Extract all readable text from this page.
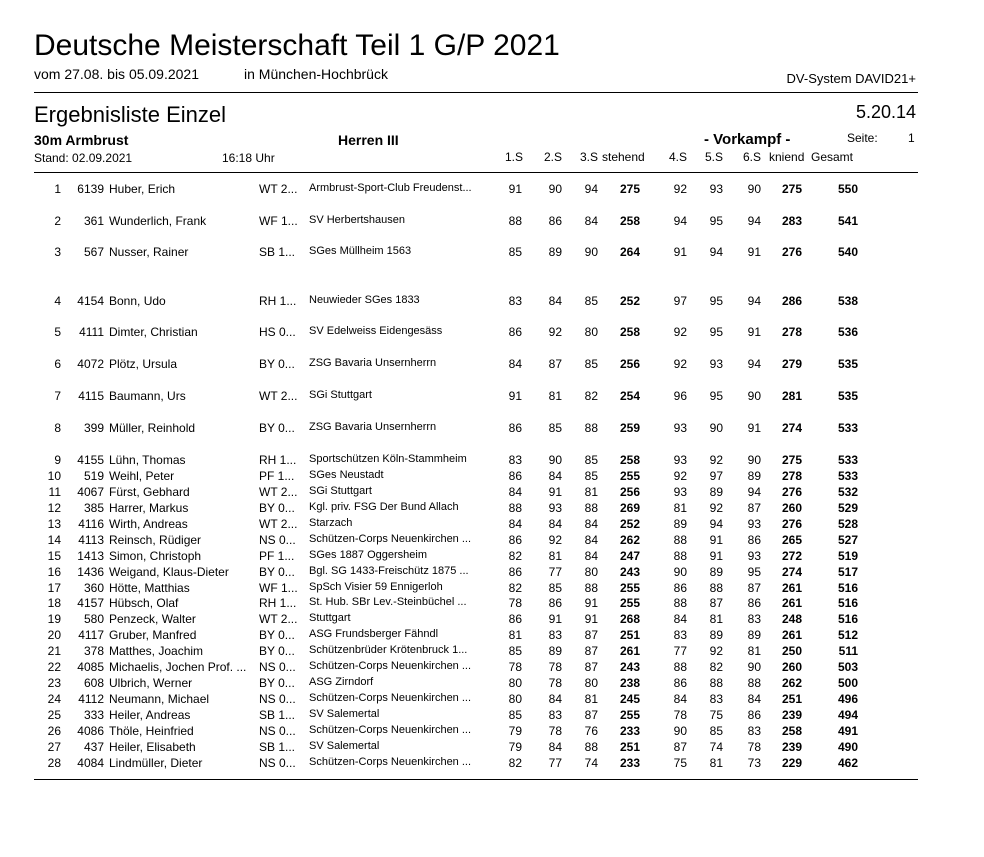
Deutsche Meisterschaft Teil 1 G/P 2021
vom 27.08. bis 05.09.2021	in München-Hochbrück	DV-System DAVID21+
Ergebnisliste Einzel	5.20.14
30m Armbrust	Herren III	- Vorkampf -	Seite:	1
Stand: 02.09.2021	16:18 Uhr	1.S 2.S 3.S stehend 4.S 5.S 6.S kniend Gesamt
1	6139 Huber, Erich	WT 2...	Armbrust-Sport-Club Freudenst...	91	90	94	275	92	93	90	275	550
2	361 Wunderlich, Frank	WF 1...	SV Herbertshausen	88	86	84	258	94	95	94	283	541
3	567 Nusser, Rainer	SB 1...	SGes Müllheim 1563	85	89	90	264	91	94	91	276	540
4	4154 Bonn, Udo	RH 1...	Neuwieder SGes 1833	83	84	85	252	97	95	94	286	538
5	4111 Dimter, Christian	HS 0...	SV Edelweiss Eidengesäss	86	92	80	258	92	95	91	278	536
6	4072 Plötz, Ursula	BY 0...	ZSG Bavaria Unsernherrn	84	87	85	256	92	93	94	279	535
7	4115 Baumann, Urs	WT 2...	SGi Stuttgart	91	81	82	254	96	95	90	281	535
8	399 Müller, Reinhold	BY 0...	ZSG Bavaria Unsernherrn	86	85	88	259	93	90	91	274	533
9	4155 Lühn, Thomas	RH 1...	Sportschützen Köln-Stammheim	83	90	85	258	93	92	90	275	533
10	519 Weihl, Peter	PF 1...	SGes Neustadt	86	84	85	255	92	97	89	278	533
11	4067 Fürst, Gebhard	WT 2...	SGi Stuttgart	84	91	81	256	93	89	94	276	532
12	385 Harrer, Markus	BY 0...	Kgl. priv. FSG Der Bund Allach	88	93	88	269	81	92	87	260	529
13	4116 Wirth, Andreas	WT 2...	Starzach	84	84	84	252	89	94	93	276	528
14	4113 Reinsch, Rüdiger	NS 0...	Schützen-Corps Neuenkirchen ...	86	92	84	262	88	91	86	265	527
15	1413 Simon, Christoph	PF 1...	SGes 1887 Oggersheim	82	81	84	247	88	91	93	272	519
16	1436 Weigand, Klaus-Dieter	BY 0...	Bgl. SG 1433-Freischütz 1875 ...	86	77	80	243	90	89	95	274	517
17	360 Hötte, Matthias	WF 1...	SpSch Visier 59 Ennigerloh	82	85	88	255	86	88	87	261	516
18	4157 Hübsch, Olaf	RH 1...	St. Hub. SBr Lev.-Steinbüchel ...	78	86	91	255	88	87	86	261	516
19	580 Penzeck, Walter	WT 2...	Stuttgart	86	91	91	268	84	81	83	248	516
20	4117 Gruber, Manfred	BY 0...	ASG Frundsberger Fähndl	81	83	87	251	83	89	89	261	512
21	378 Matthes, Joachim	BY 0...	Schützenbrüder Krötenbruck 1...	85	89	87	261	77	92	81	250	511
22	4085 Michaelis, Jochen Prof. ...	NS 0...	Schützen-Corps Neuenkirchen ...	78	78	87	243	88	82	90	260	503
23	608 Ulbrich, Werner	BY 0...	ASG Zirndorf	80	78	80	238	86	88	88	262	500
24	4112 Neumann, Michael	NS 0...	Schützen-Corps Neuenkirchen ...	80	84	81	245	84	83	84	251	496
25	333 Heiler, Andreas	SB 1...	SV Salemertal	85	83	87	255	78	75	86	239	494
26	4086 Thöle, Heinfried	NS 0...	Schützen-Corps Neuenkirchen ...	79	78	76	233	90	85	83	258	491
27	437 Heiler, Elisabeth	SB 1...	SV Salemertal	79	84	88	251	87	74	78	239	490
28	4084 Lindmüller, Dieter	NS 0...	Schützen-Corps Neuenkirchen ...	82	77	74	233	75	81	73	229	462
